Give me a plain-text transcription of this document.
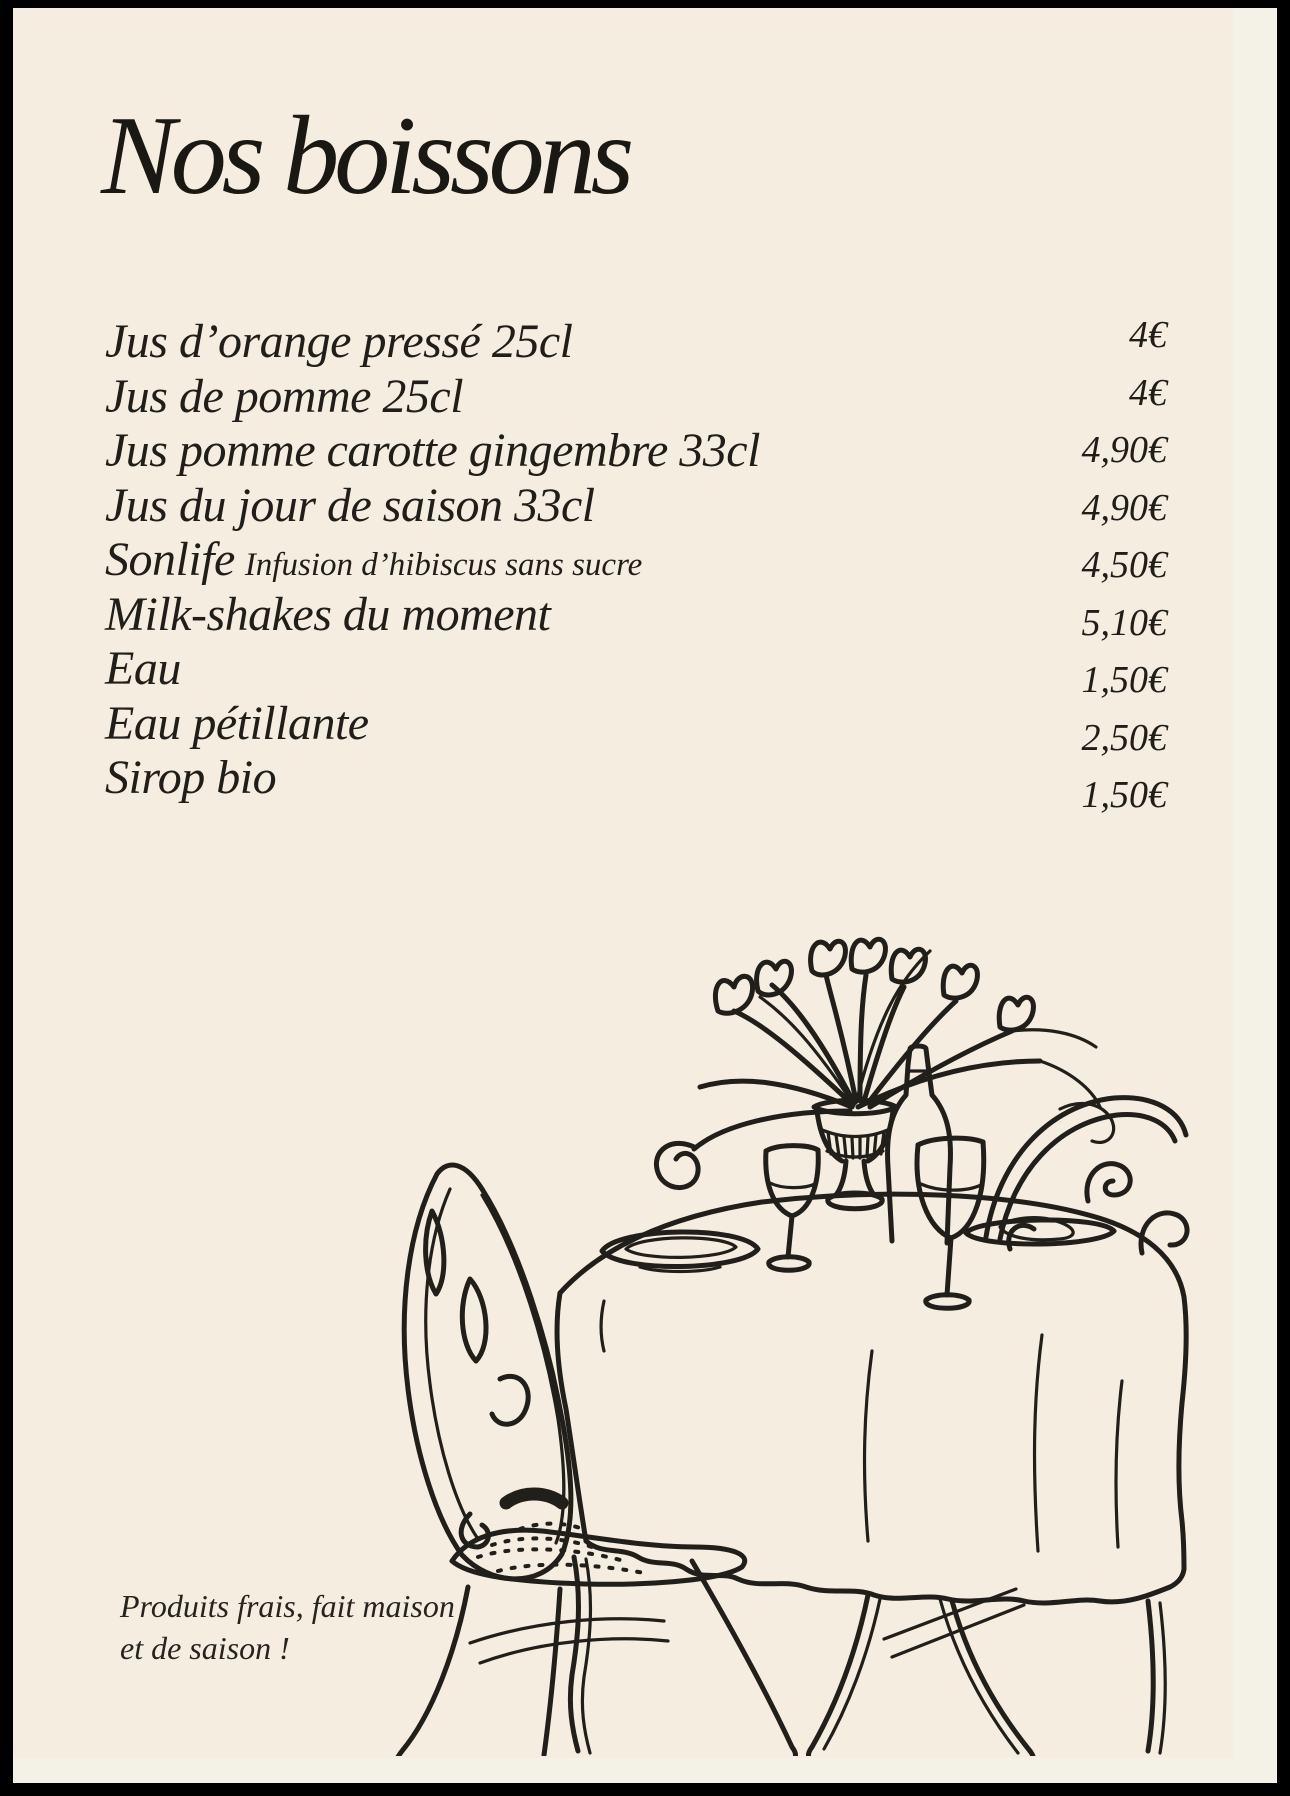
Nos boissons
Jus d’orange pressé 25cl
Jus de pomme 25cl
Jus pomme carotte gingembre 33cl
Jus du jour de saison 33cl
Sonlife Infusion d’hibiscus sans sucre
Milk-shakes du moment
Eau
Eau pétillante
Sirop bio
4€
4€
4,90€
4,90€
4,50€
5,10€
1,50€
2,50€
1,50€
Produits frais, fait maison
et de saison !
